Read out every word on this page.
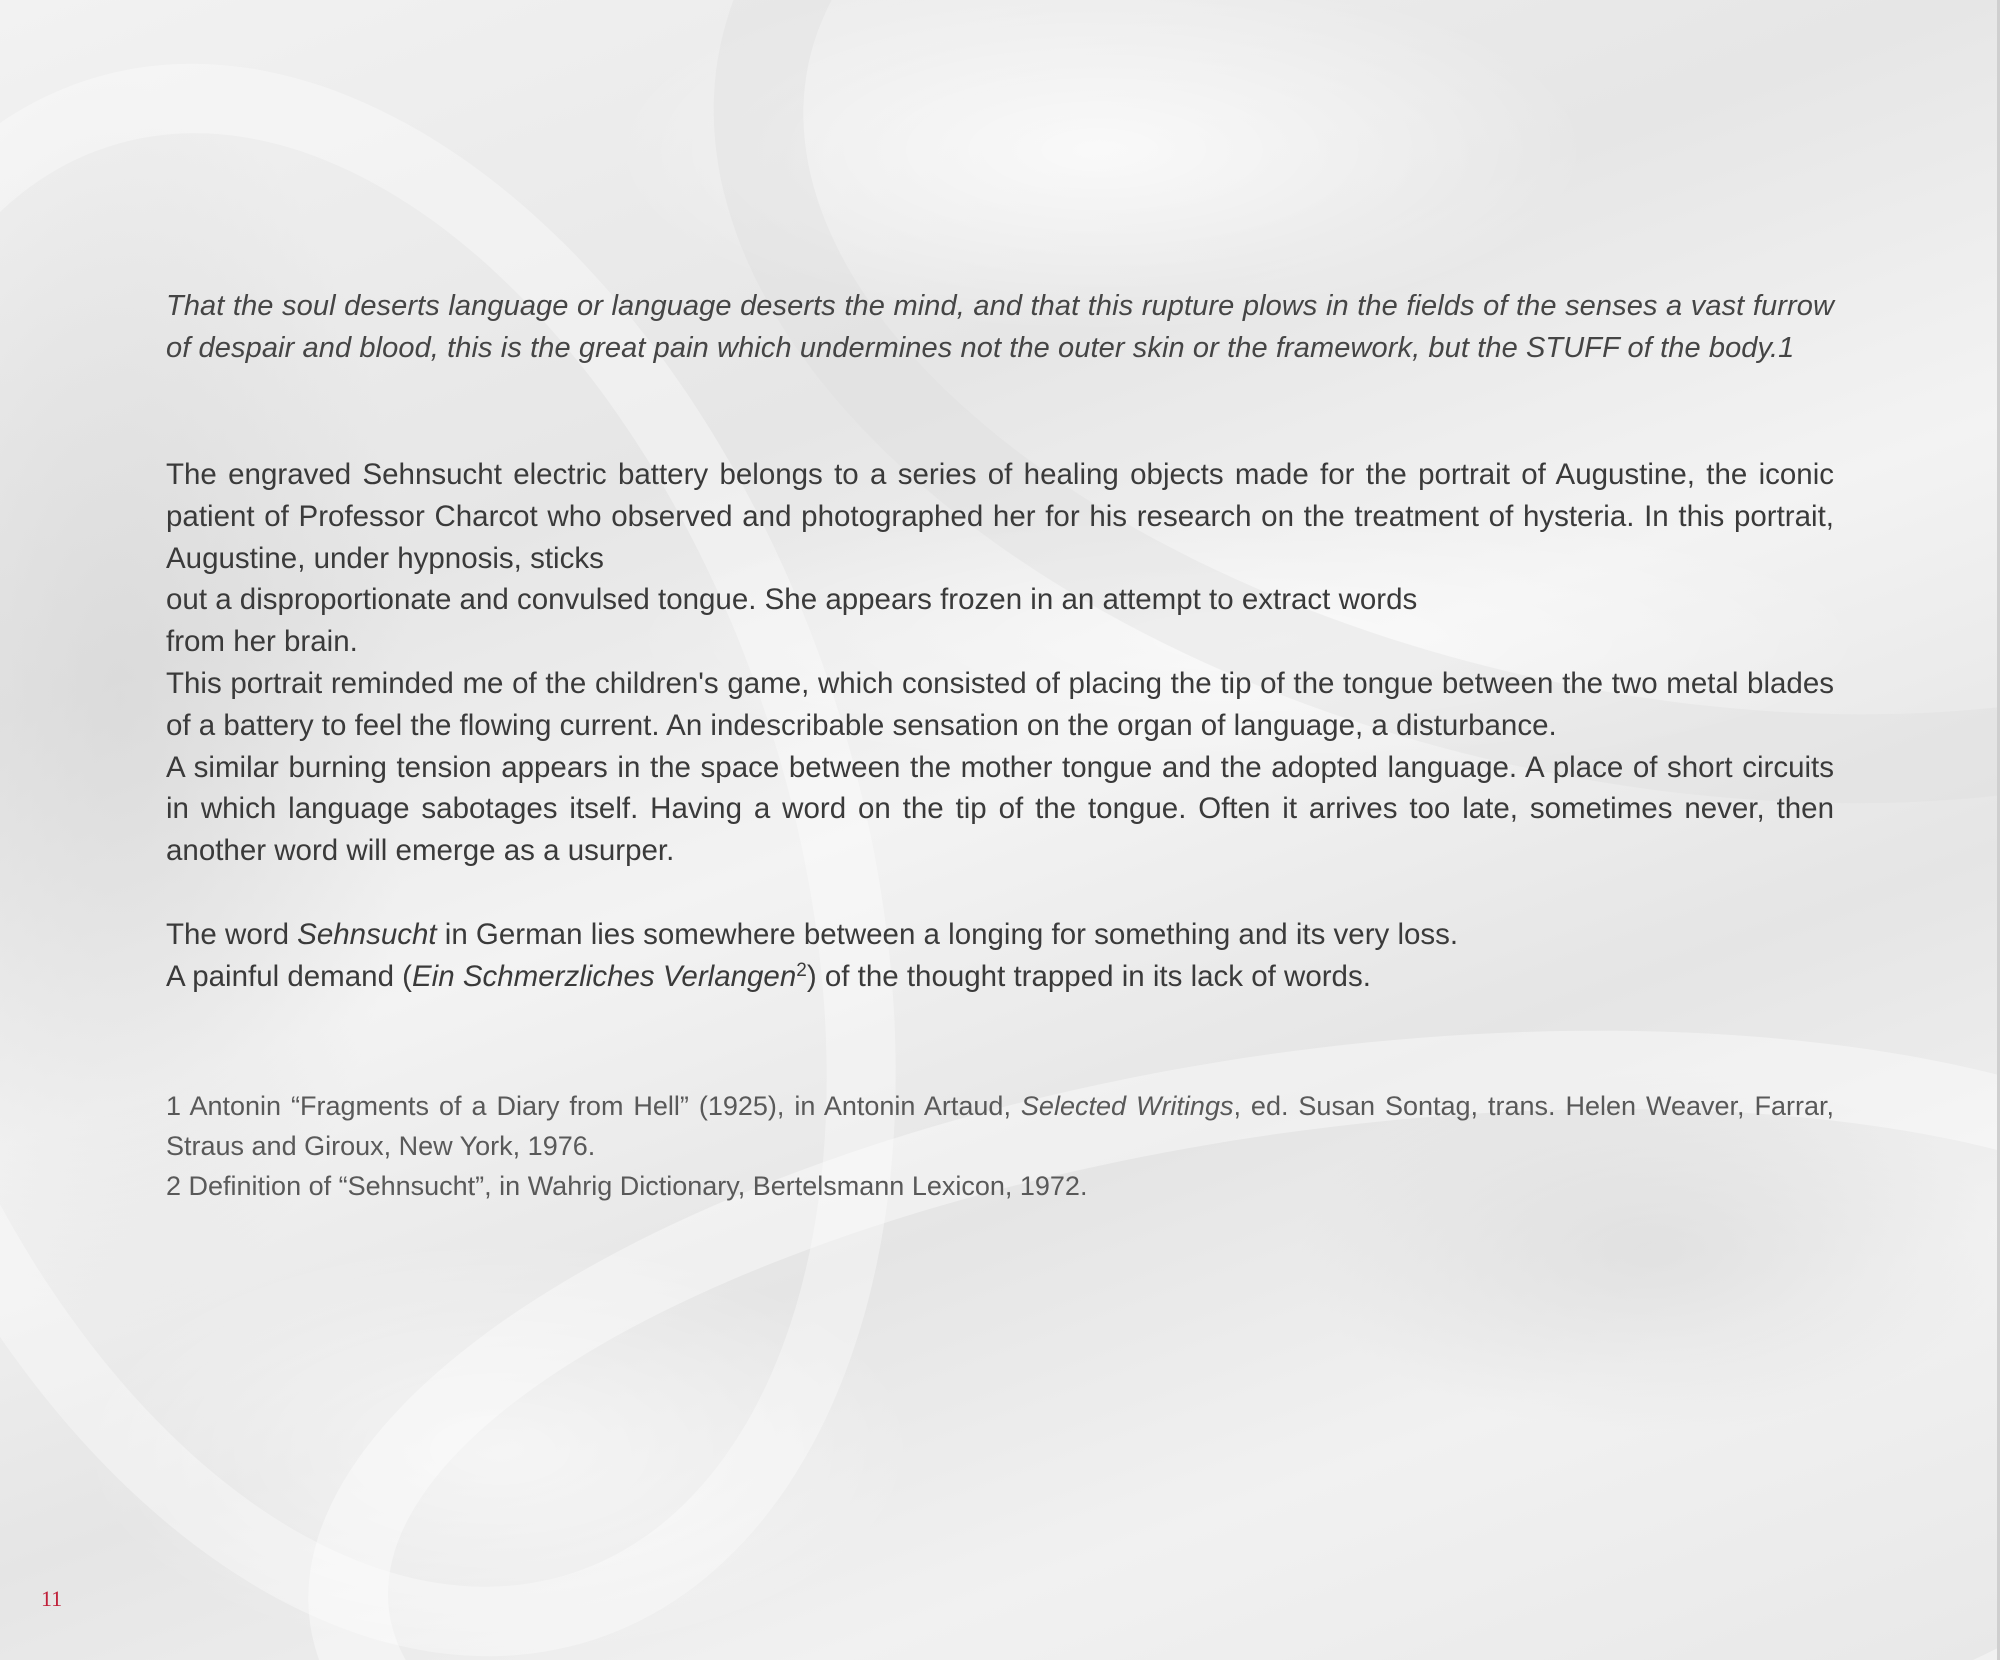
That the soul deserts language or language deserts the mind, and that this rupture plows in the fields of the senses a vast furrow of despair and blood, this is the great pain which undermines not the outer skin or the framework, but the STUFF of the body.1

The engraved Sehnsucht electric battery belongs to a series of healing objects made for the portrait of Augustine, the iconic patient of Professor Charcot who observed and photographed her for his research on the treatment of hysteria. In this portrait, Augustine, under hypnosis, sticks

out a disproportionate and convulsed tongue. She appears frozen in an attempt to extract words

from her brain.

This portrait reminded me of the children's game, which consisted of placing the tip of the tongue between the two metal blades of a battery to feel the flowing current. An indescribable sensation on the organ of language, a disturbance.

A similar burning tension appears in the space between the mother tongue and the adopted language. A place of short circuits in which language sabotages itself. Having a word on the tip of the tongue. Often it arrives too late, sometimes never, then another word will emerge as a usurper.

The word Sehnsucht in German lies somewhere between a longing for something and its very loss.

A painful demand (Ein Schmerzliches Verlangen$^2$) of the thought trapped in its lack of words.

1 Antonin “Fragments of a Diary from Hell” (1925), in Antonin Artaud, Selected Writings, ed. Susan Sontag, trans. Helen Weaver, Farrar, Straus and Giroux, New York, 1976.

2 Definition of “Sehnsucht”, in Wahrig Dictionary, Bertelsmann Lexicon, 1972.

11
